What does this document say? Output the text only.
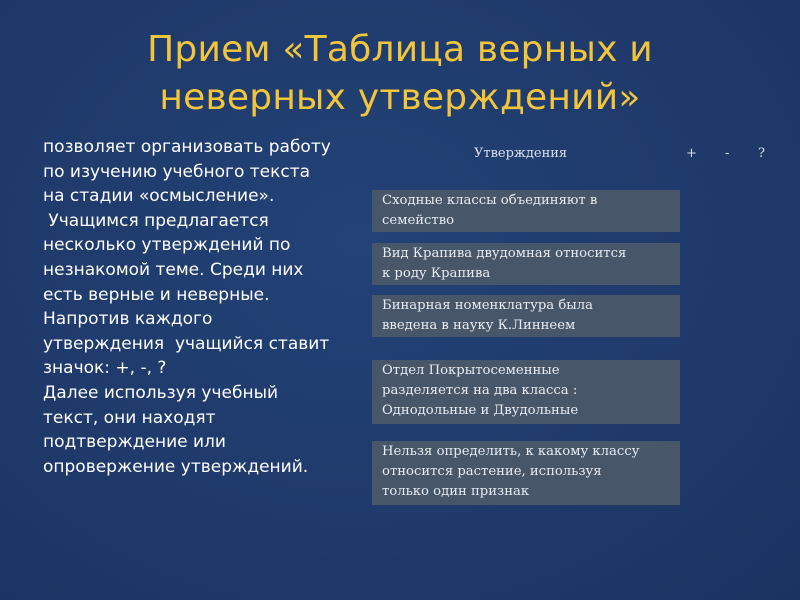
Прием «Таблица верных и
неверных утверждений»
позволяет организовать работу
по изучению учебного текста
на стадии «осмысление».
Учащимся предлагается
несколько утверждений по
незнакомой теме. Среди них
есть верные и неверные.
Напротив каждого
утверждения  учащийся ставит
значок: +, -, ?
Далее используя учебный
текст, они находят
подтверждение или
опровержение утверждений.
Утверждения	+ - ?
Сходные классы объединяют в
семейство
Вид Крапива двудомная относится
к роду Крапива
Бинарная номенклатура была
введена в науку К.Линнеем
Отдел Покрытосеменные
разделяется на два класса :
Однодольные и Двудольные
Нельзя определить, к какому классу
относится растение, используя
только один признак
